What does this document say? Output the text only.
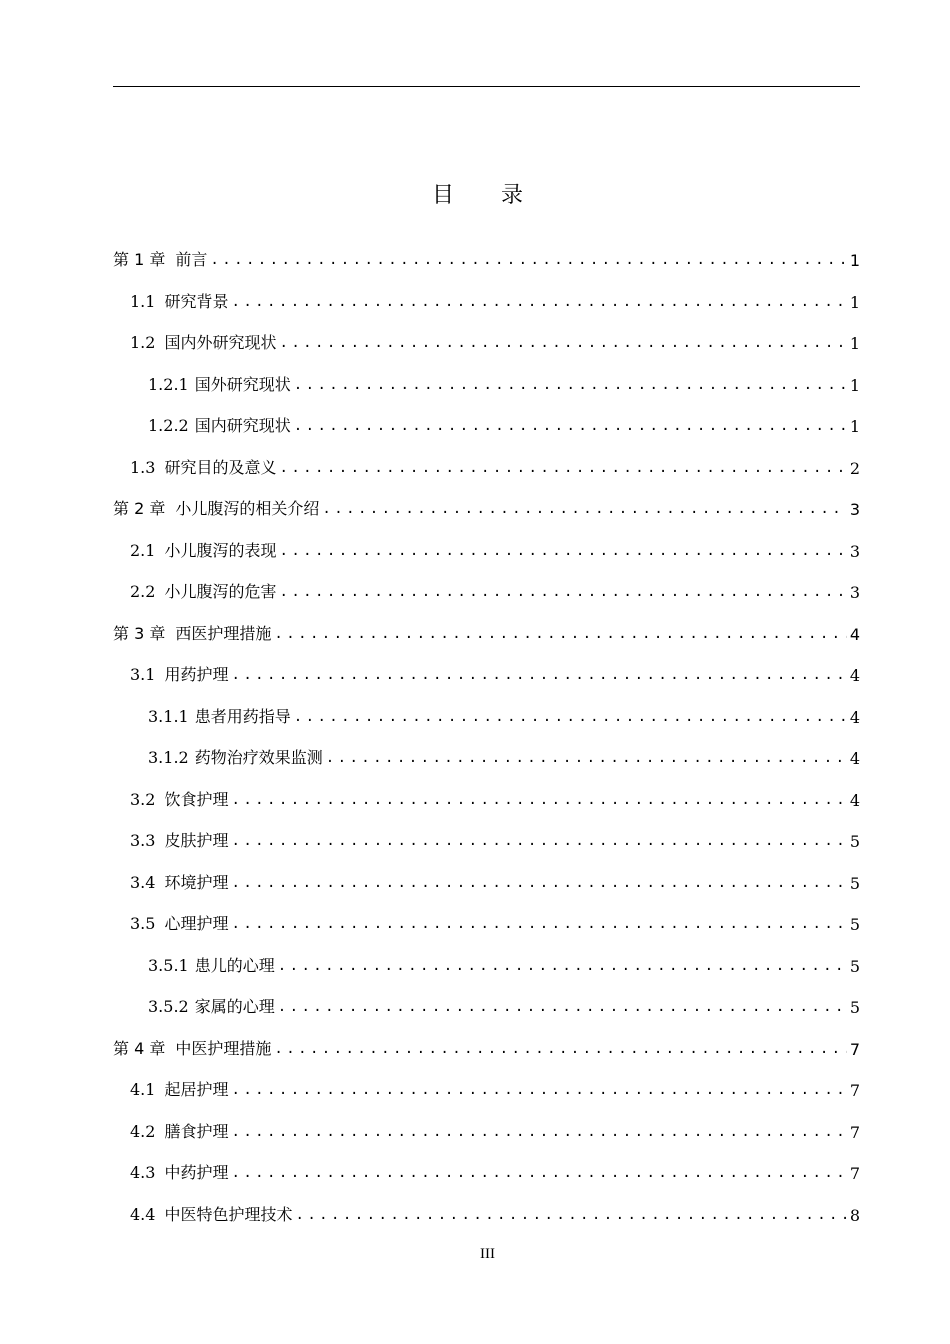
目 录
第 1 章 前言 . . .	1
1.1 研究背景 . . .	1
1.2 国内外研究现状 . . .	1
1.2.1 国外研究现状 . . .	1
1.2.2 国内研究现状 . . .	1
1.3 研究目的及意义 . . .	2
第 2 章 小儿腹泻的相关介绍 . . .	3
2.1 小儿腹泻的表现 . . .	3
2.2 小儿腹泻的危害 . . .	3
第 3 章 西医护理措施 . . .	4
3.1 用药护理 . . .	4
3.1.1 患者用药指导 . . .	4
3.1.2 药物治疗效果监测 . . .	4
3.2 饮食护理 . . .	4
3.3 皮肤护理 . . .	5
3.4 环境护理 . . .	5
3.5 心理护理 . . .	5
3.5.1 患儿的心理 . . .	5
3.5.2 家属的心理 . . .	5
第 4 章 中医护理措施 . . .	7
4.1 起居护理 . . .	7
4.2 膳食护理 . . .	7
4.3 中药护理 . . .	7
4.4 中医特色护理技术 . . .	8
III
